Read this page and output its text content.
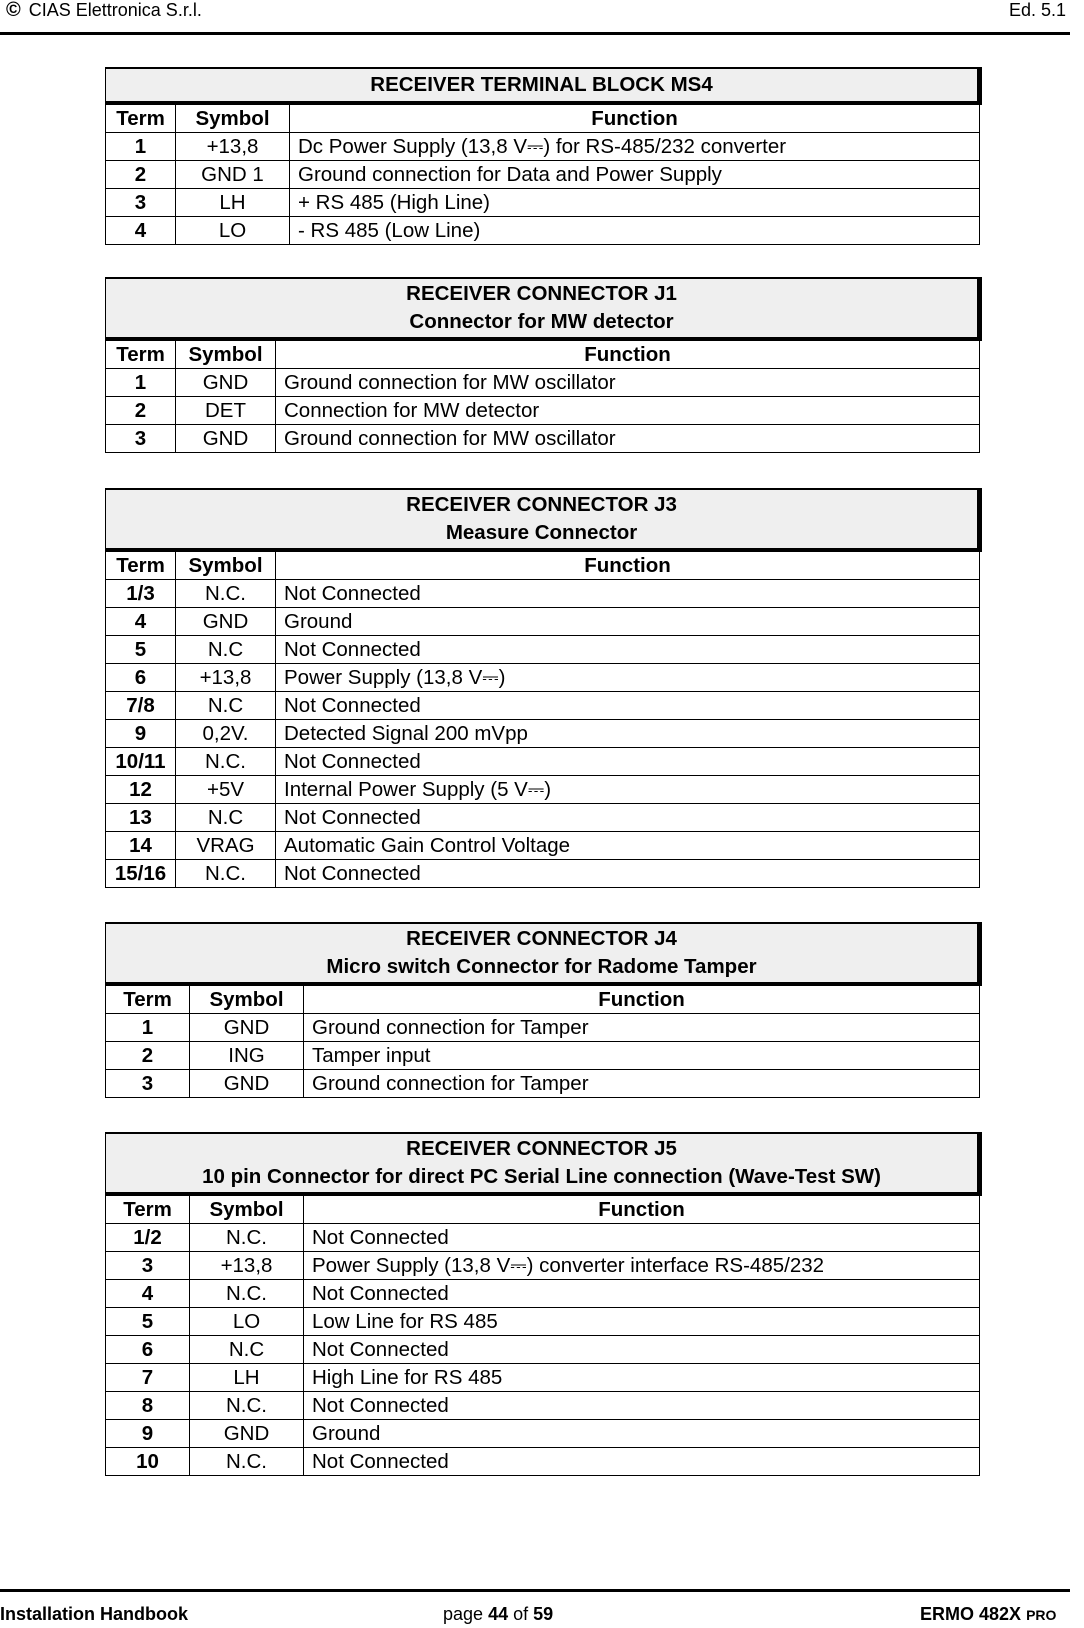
© CIAS Elettronica S.r.l.	Ed. 5.1
RECEIVER TERMINAL BLOCK MS4		
Term	Symbol	Function
1	+13,8	Dc Power Supply (13,8 V⎓) for RS-485/232 converter
2	GND 1	Ground connection for Data and Power Supply
3	LH	+ RS 485 (High Line)
4	LO	- RS 485 (Low Line)
RECEIVER CONNECTOR J1
Connector for MW detector		

Term	Symbol	Function
1	GND	Ground connection for MW oscillator
2	DET	Connection for MW detector
3	GND	Ground connection for MW oscillator
RECEIVER CONNECTOR J3
Measure Connector		

Term	Symbol	Function
1/3	N.C.	Not Connected
4	GND	Ground
5	N.C	Not Connected
6	+13,8	Power Supply (13,8 V⎓)
7/8	N.C	Not Connected
9	0,2V.	Detected Signal 200 mVpp
10/11	N.C.	Not Connected
12	+5V	Internal Power Supply (5 V⎓)
13	N.C	Not Connected
14	VRAG	Automatic Gain Control Voltage
15/16	N.C.	Not Connected
RECEIVER CONNECTOR J4
Micro switch Connector for Radome Tamper		

Term	Symbol	Function
1	GND	Ground connection for Tamper
2	ING	Tamper input
3	GND	Ground connection for Tamper
RECEIVER CONNECTOR J5
10 pin Connector for direct PC Serial Line connection (Wave-Test SW)		

Term	Symbol	Function
1/2	N.C.	Not Connected
3	+13,8	Power Supply (13,8 V⎓) converter interface RS-485/232
4	N.C.	Not Connected
5	LO	Low Line for RS 485
6	N.C	Not Connected
7	LH	High Line for RS 485
8	N.C.	Not Connected
9	GND	Ground
10	N.C.	Not Connected
Installation Handbook	page 44 of 59	ERMO 482X PRO
